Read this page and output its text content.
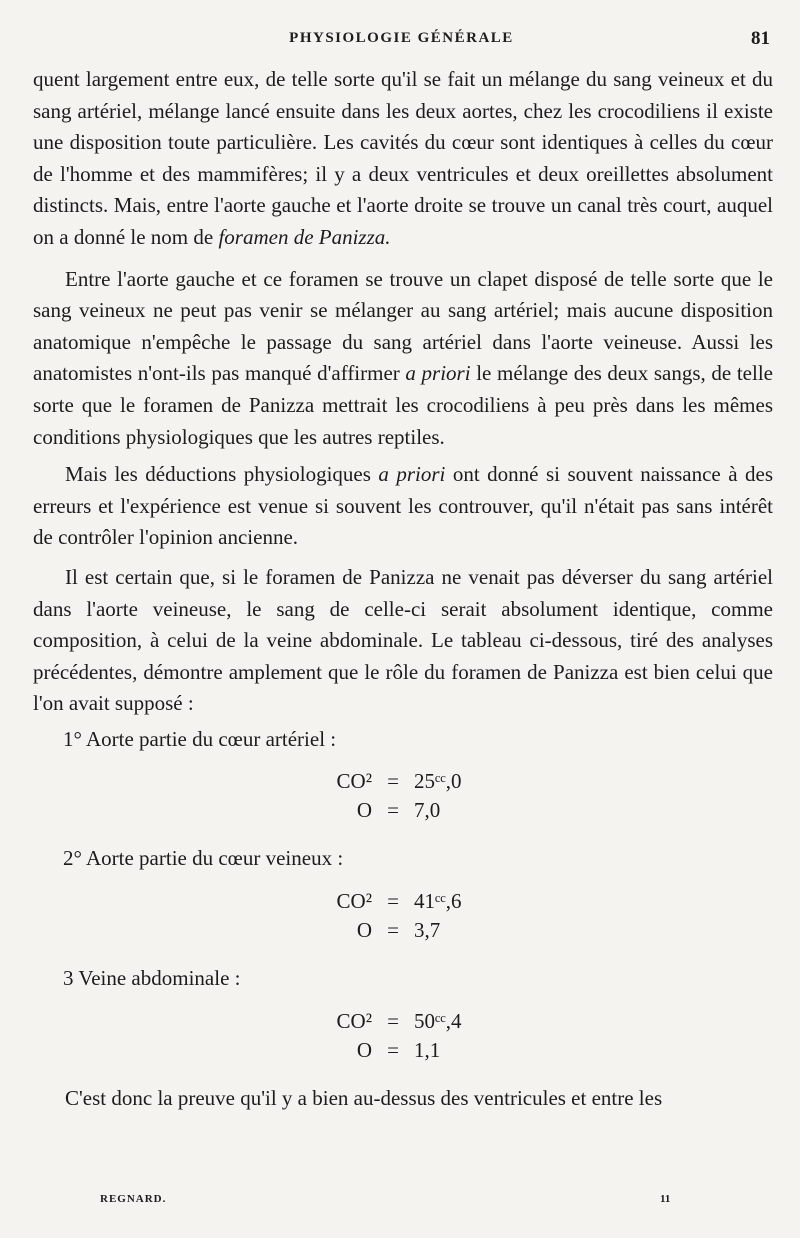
PHYSIOLOGIE GÉNÉRALE	81

quent largement entre eux, de telle sorte qu'il se fait un mélange du sang veineux et du sang artériel, mélange lancé ensuite dans les deux aortes, chez les crocodiliens il existe une disposition toute particulière. Les cavités du cœur sont identiques à celles du cœur de l'homme et des mammifères; il y a deux ventricules et deux oreillettes absolument distincts. Mais, entre l'aorte gauche et l'aorte droite se trouve un canal très court, auquel on a donné le nom de foramen de Panizza.

Entre l'aorte gauche et ce foramen se trouve un clapet disposé de telle sorte que le sang veineux ne peut pas venir se mélanger au sang artériel; mais aucune disposition anatomique n'empêche le passage du sang artériel dans l'aorte veineuse. Aussi les anatomistes n'ont-ils pas manqué d'affirmer a priori le mélange des deux sangs, de telle sorte que le foramen de Panizza mettrait les crocodiliens à peu près dans les mêmes conditions physiologiques que les autres reptiles.

Mais les déductions physiologiques a priori ont donné si souvent naissance à des erreurs et l'expérience est venue si souvent les controuver, qu'il n'était pas sans intérêt de contrôler l'opinion ancienne.

Il est certain que, si le foramen de Panizza ne venait pas déverser du sang artériel dans l'aorte veineuse, le sang de celle-ci serait absolument identique, comme composition, à celui de la veine abdominale. Le tableau ci-dessous, tiré des analyses précédentes, démontre amplement que le rôle du foramen de Panizza est bien celui que l'on avait supposé :

1° Aorte partie du cœur artériel :

CO² = 25ᶜᶜ,0
O = 7,0

2° Aorte partie du cœur veineux :

CO² = 41ᶜᶜ,6
O = 3,7

3 Veine abdominale :

CO² = 50ᶜᶜ,4
O = 1,1

C'est donc la preuve qu'il y a bien au-dessus des ventricules et entre les

REGNARD.	11
